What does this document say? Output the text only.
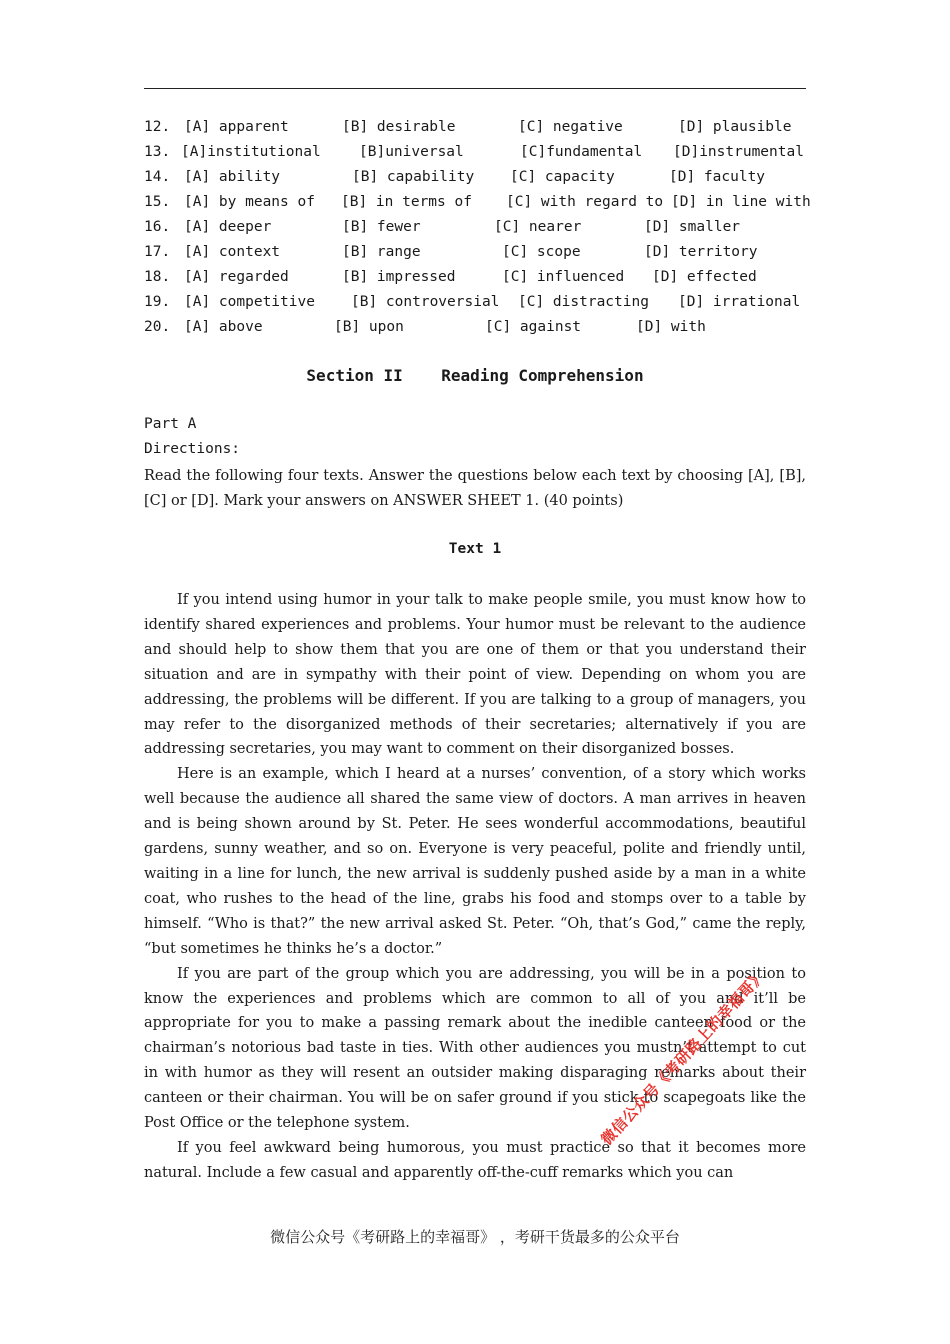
12. [A] apparent	[B] desirable	[C] negative	[D] plausible
13. [A]institutional	[B]universal	[C]fundamental [D]instrumental
14. [A] ability	[B] capability [C] capacity	[D] faculty
15. [A] by means of [B] in terms of [C] with regard to [D] in line with
16. [A] deeper	[B] fewer	[C] nearer	[D] smaller
17. [A] context	[B] range	[C] scope	[D] territory
18. [A] regarded	[B] impressed	[C] influenced [D] effected
19. [A] competitive [B] controversial [C] distracting [D] irrational
20. [A] above	[B] upon	[C] against	[D] with
Section II    Reading Comprehension
Part A
Directions:
Read the following four texts. Answer the questions below each text by choosing [A], [B], [C] or [D]. Mark your answers on ANSWER SHEET 1. (40 points)
Text 1

If you intend using humor in your talk to make people smile, you must know how to identify shared experiences and problems. Your humor must be relevant to the audience and should help to show them that you are one of them or that you understand their situation and are in sympathy with their point of view. Depending on whom you are addressing, the problems will be different. If you are talking to a group of managers, you may refer to the disorganized methods of their secretaries; alternatively if you are addressing secretaries, you may want to comment on their disorganized bosses.

Here is an example, which I heard at a nurses’ convention, of a story which works well because the audience all shared the same view of doctors. A man arrives in heaven and is being shown around by St. Peter. He sees wonderful accommodations, beautiful gardens, sunny weather, and so on. Everyone is very peaceful, polite and friendly until, waiting in a line for lunch, the new arrival is suddenly pushed aside by a man in a white coat, who rushes to the head of the line, grabs his food and stomps over to a table by himself. “Who is that?” the new arrival asked St. Peter. “Oh, that’s God,” came the reply, “but sometimes he thinks he’s a doctor.”

If you are part of the group which you are addressing, you will be in a position to know the experiences and problems which are common to all of you and it’ll be appropriate for you to make a passing remark about the inedible canteen food or the chairman’s notorious bad taste in ties. With other audiences you mustn’t attempt to cut in with humor as they will resent an outsider making disparaging remarks about their canteen or their chairman. You will be on safer ground if you stick to scapegoats like the Post Office or the telephone system.

If you feel awkward being humorous, you must practice so that it becomes more natural. Include a few casual and apparently off-the-cuff remarks which you can

微信公众号《考研路上的幸福哥》
微信公众号《考研路上的幸福哥》 ，考研干货最多的公众平台
